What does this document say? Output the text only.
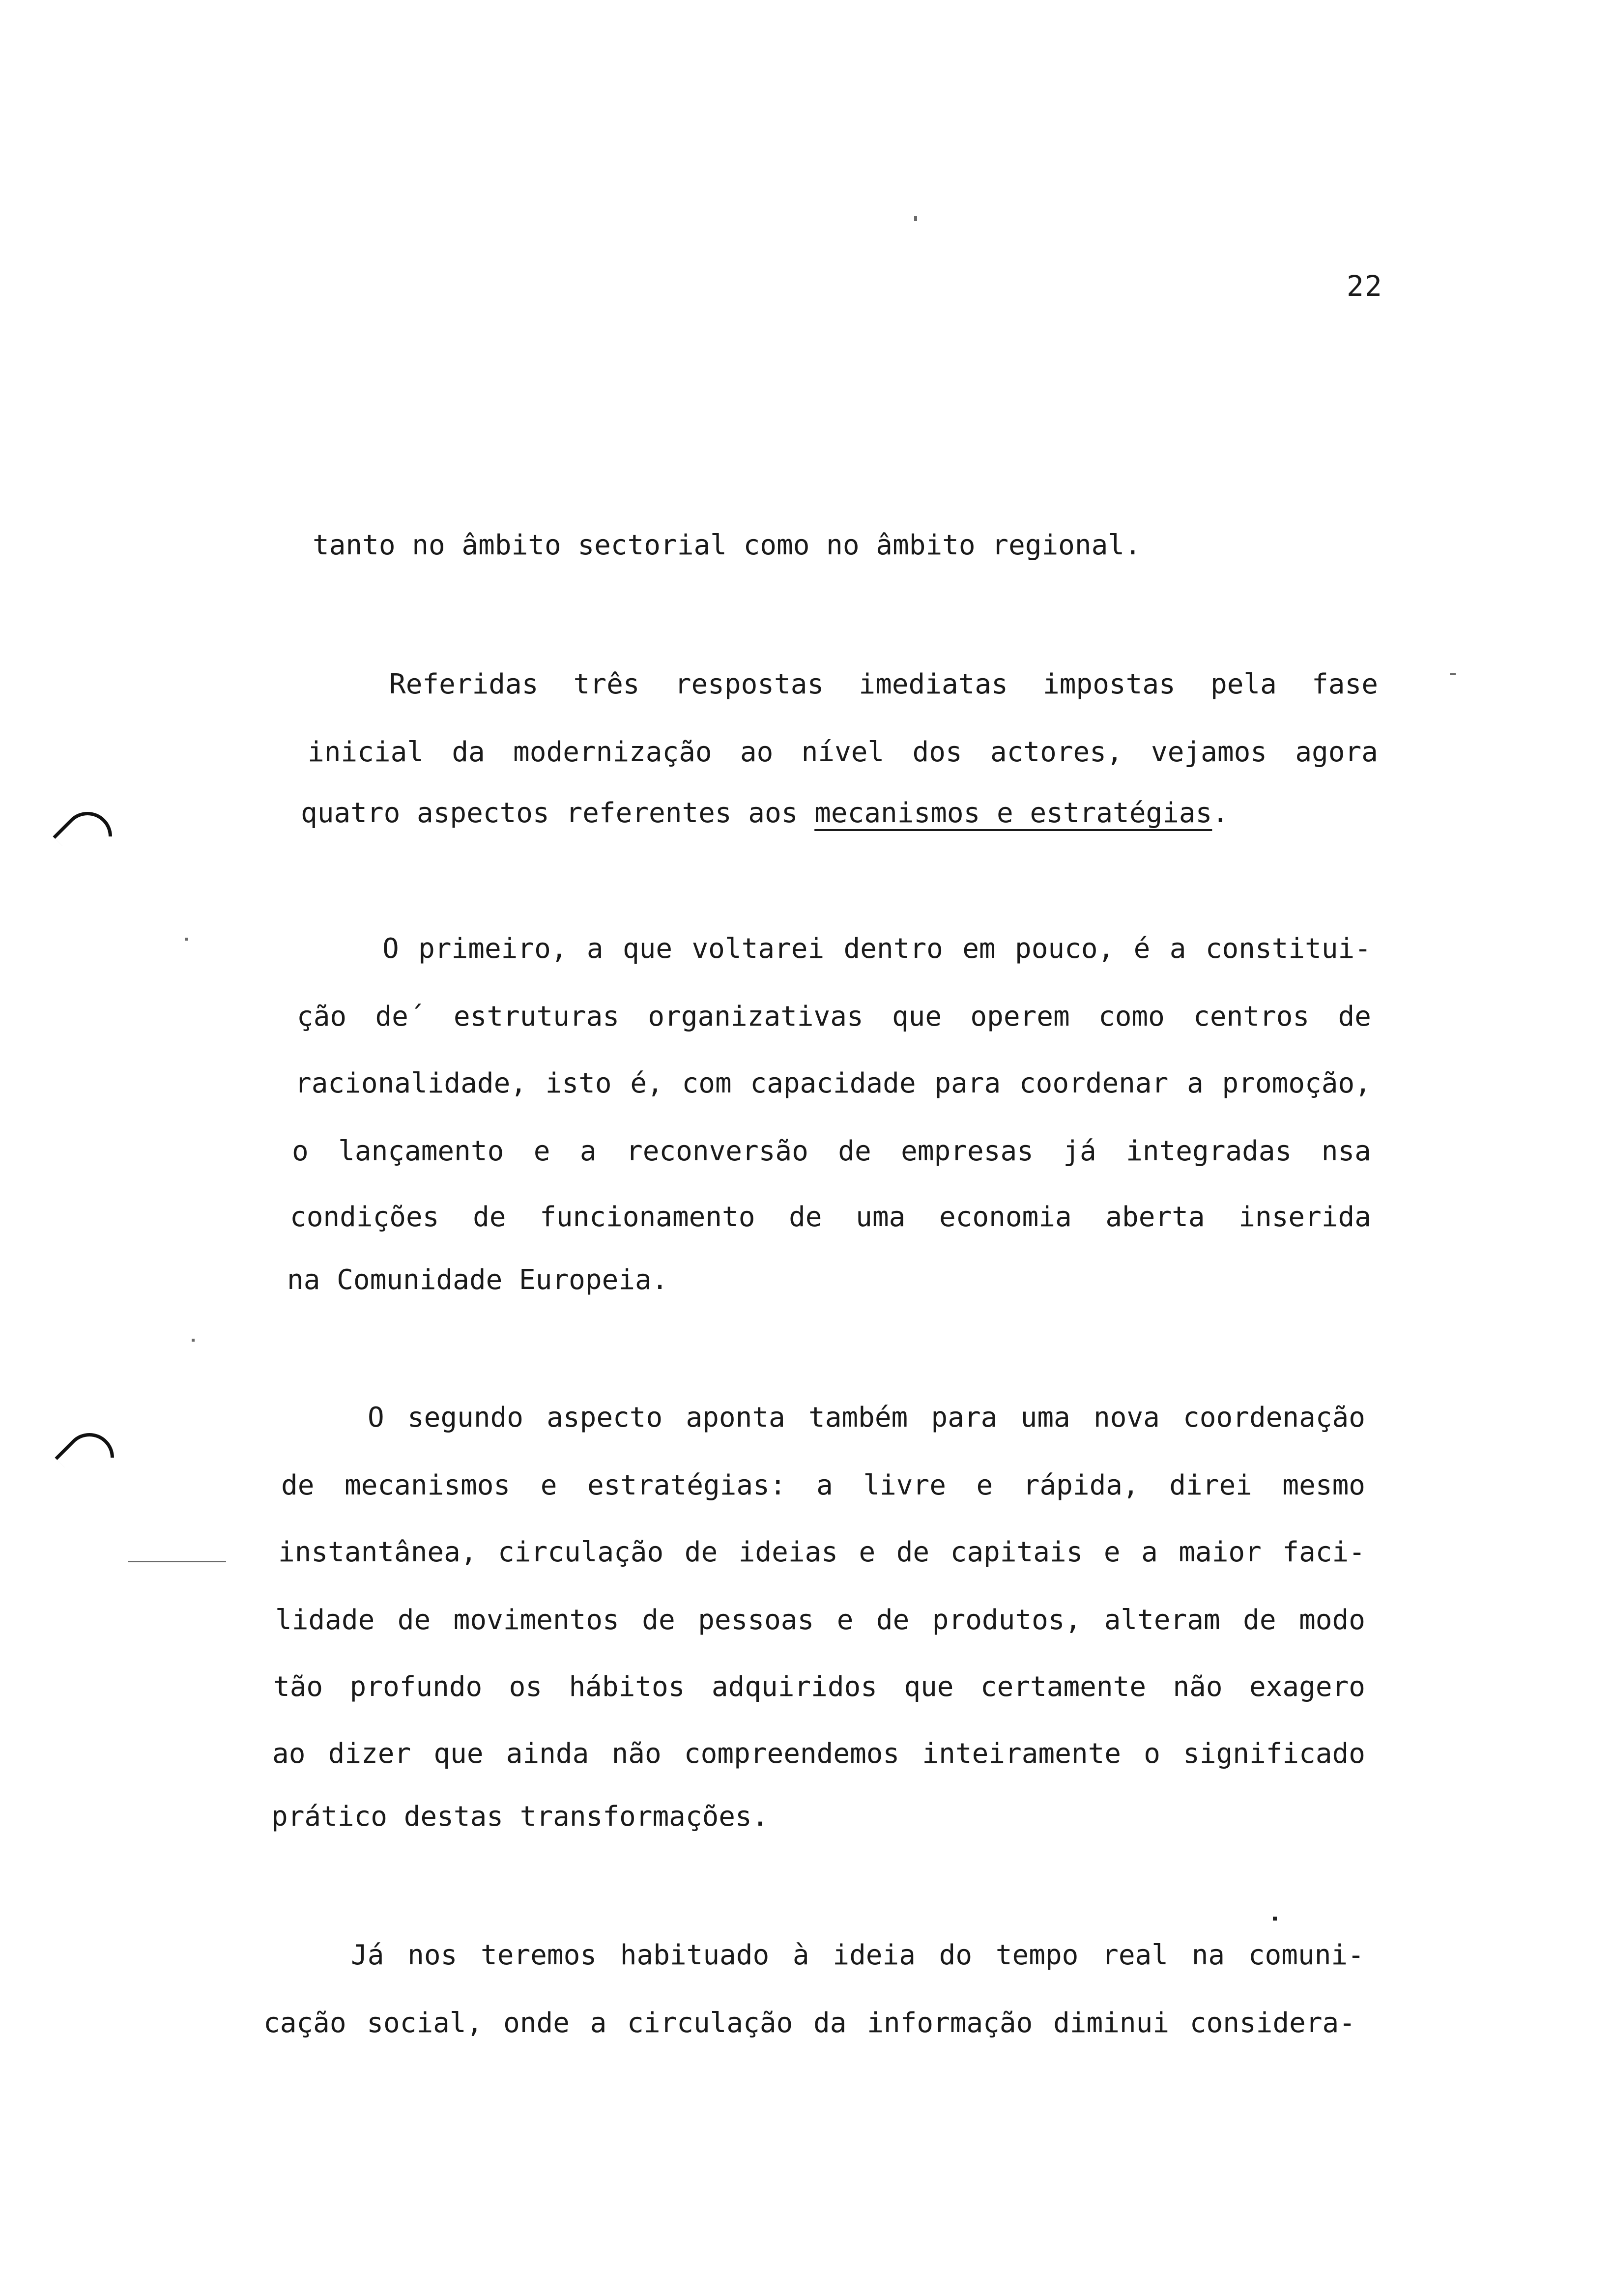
22
tanto no âmbito sectorial como no âmbito regional.
Referidas três respostas imediatas impostas pela fase
inicial da modernização ao nível dos actores, vejamos agora
quatro aspectos referentes aos mecanismos e estratégias.
O primeiro, a que voltarei dentro em pouco, é a constitui-
ção de´ estruturas organizativas que operem como centros de
racionalidade, isto é, com capacidade para coordenar a promoção,
o lançamento e a reconversão de empresas já integradas nsa
condições de funcionamento de uma economia aberta inserida
na Comunidade Europeia.
O segundo aspecto aponta também para uma nova coordenação
de mecanismos e estratégias: a livre e rápida, direi mesmo
instantânea, circulação de ideias e de capitais e a maior faci-
lidade de movimentos de pessoas e de produtos, alteram de modo
tão profundo os hábitos adquiridos que certamente não exagero
ao dizer que ainda não compreendemos inteiramente o significado
prático destas transformações.
Já nos teremos habituado à ideia do tempo real na comuni-
cação social, onde a circulação da informação diminui considera-
